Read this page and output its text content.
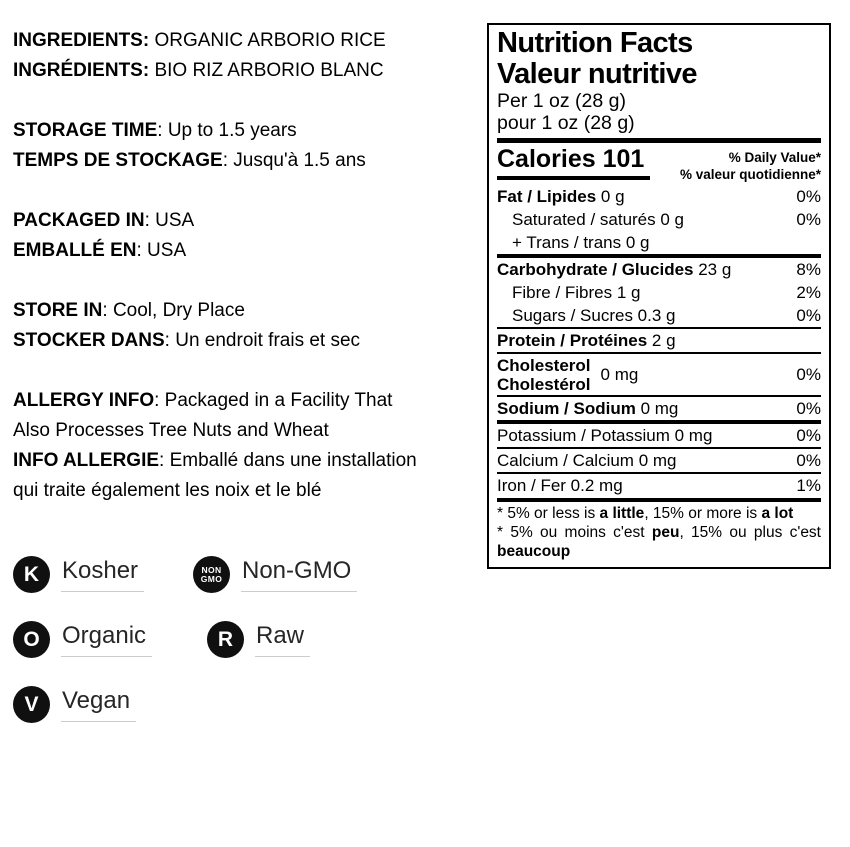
INGREDIENTS: ORGANIC ARBORIO RICE
INGRÉDIENTS: BIO RIZ ARBORIO BLANC
STORAGE TIME: Up to 1.5 years
TEMPS DE STOCKAGE: Jusqu'à 1.5 ans
PACKAGED IN: USA
EMBALLÉ EN: USA
STORE IN: Cool, Dry Place
STOCKER DANS: Un endroit frais et sec
ALLERGY INFO: Packaged in a Facility That
Also Processes Tree Nuts and Wheat
INFO ALLERGIE: Emballé dans une installation
qui traite également les noix et le blé
Nutrition Facts
Valeur nutritive
Per 1 oz (28 g)
pour 1 oz (28 g)
Calories 101	% Daily Value*
% valeur quotidienne*
Fat / Lipides 0 g	0%
Saturated / saturés 0 g	0%
+ Trans / trans 0 g
Carbohydrate / Glucides 23 g	8%
Fibre / Fibres 1 g	2%
Sugars / Sucres 0.3 g	0%
Protein / Protéines 2 g
Cholesterol
Cholestérol
0 mg	0%
Sodium / Sodium 0 mg	0%
Potassium / Potassium 0 mg	0%
Calcium / Calcium 0 mg	0%
Iron / Fer 0.2 mg	1%

* 5% or less is a little, 15% or more is a lot

* 5% ou moins c'est peu, 15% ou plus c'est beaucoup

K Kosher	NON
GMO Non-GMO
O Organic	R Raw
V Vegan
